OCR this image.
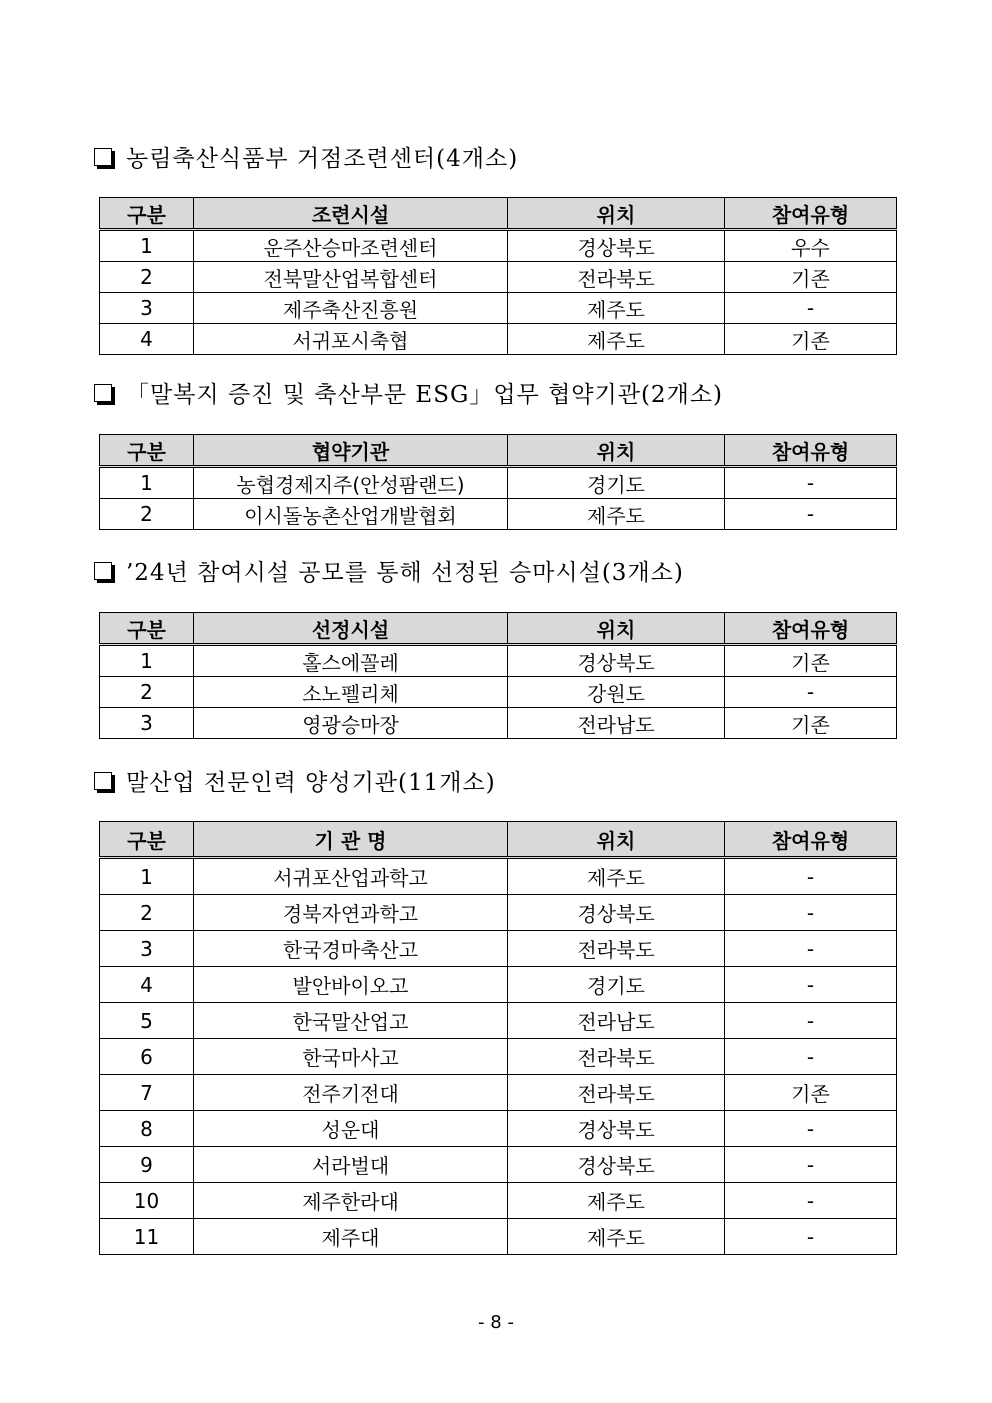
농림축산식품부 거점조련센터(4개소)
구분	조련시설	위치	참여유형
1	운주산승마조련센터	경상북도	우수
2	전북말산업복합센터	전라북도	기존
3	제주축산진흥원	제주도	-
4	서귀포시축협	제주도	기존
「말복지 증진 및 축산부문 ESG」업무 협약기관(2개소)
구분	협약기관	위치	참여유형
1	농협경제지주(안성팜랜드)	경기도	-
2	이시돌농촌산업개발협회	제주도	-
’24년 참여시설 공모를 통해 선정된 승마시설(3개소)
구분	선정시설	위치	참여유형
1	홀스에꼴레	경상북도	기존
2	소노펠리체	강원도	-
3	영광승마장	전라남도	기존
말산업 전문인력 양성기관(11개소)
구분	기 관 명	위치	참여유형
1	서귀포산업과학고	제주도	-
2	경북자연과학고	경상북도	-
3	한국경마축산고	전라북도	-
4	발안바이오고	경기도	-
5	한국말산업고	전라남도	-
6	한국마사고	전라북도	-
7	전주기전대	전라북도	기존
8	성운대	경상북도	-
9	서라벌대	경상북도	-
10	제주한라대	제주도	-
11	제주대	제주도	-
- 8 -
